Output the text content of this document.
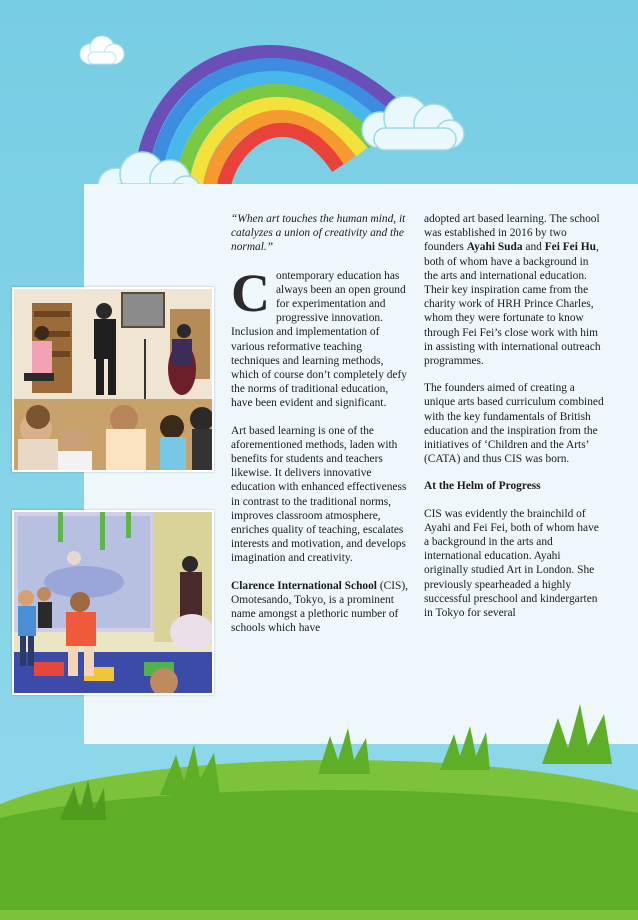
“When art touches the human mind, it catalyzes a union of creativity and the normal.”

Contemporary education has always been an open ground for experimentation and progressive innovation. Inclusion and implementation of various reformative teaching techniques and learning methods, which of course don’t completely defy the norms of traditional education, have been evident and significant.

Art based learning is one of the aforementioned methods, laden with benefits for students and teachers likewise. It delivers innovative education with enhanced effectiveness in contrast to the traditional norms, improves classroom atmosphere, enriches quality of teaching, escalates interests and motivation, and develops imagination and creativity.

Clarence International School (CIS), Omotesando, Tokyo, is a prominent name amongst a plethoric number of schools which have

adopted art based learning. The school was established in 2016 by two founders Ayahi Suda and Fei Fei Hu, both of whom have a background in the arts and international education. Their key inspiration came from the charity work of HRH Prince Charles, whom they were fortunate to know through Fei Fei’s close work with him in assisting with international outreach programmes.

The founders aimed of creating a unique arts based curriculum combined with the key fundamentals of British education and the inspiration from the initiatives of ‘Children and the Arts’ (CATA) and thus CIS was born.

At the Helm of Progress

CIS was evidently the brainchild of Ayahi and Fei Fei, both of whom have a background in the arts and international education. Ayahi originally studied Art in London. She previously spearheaded a highly successful preschool and kindergarten in Tokyo for several
